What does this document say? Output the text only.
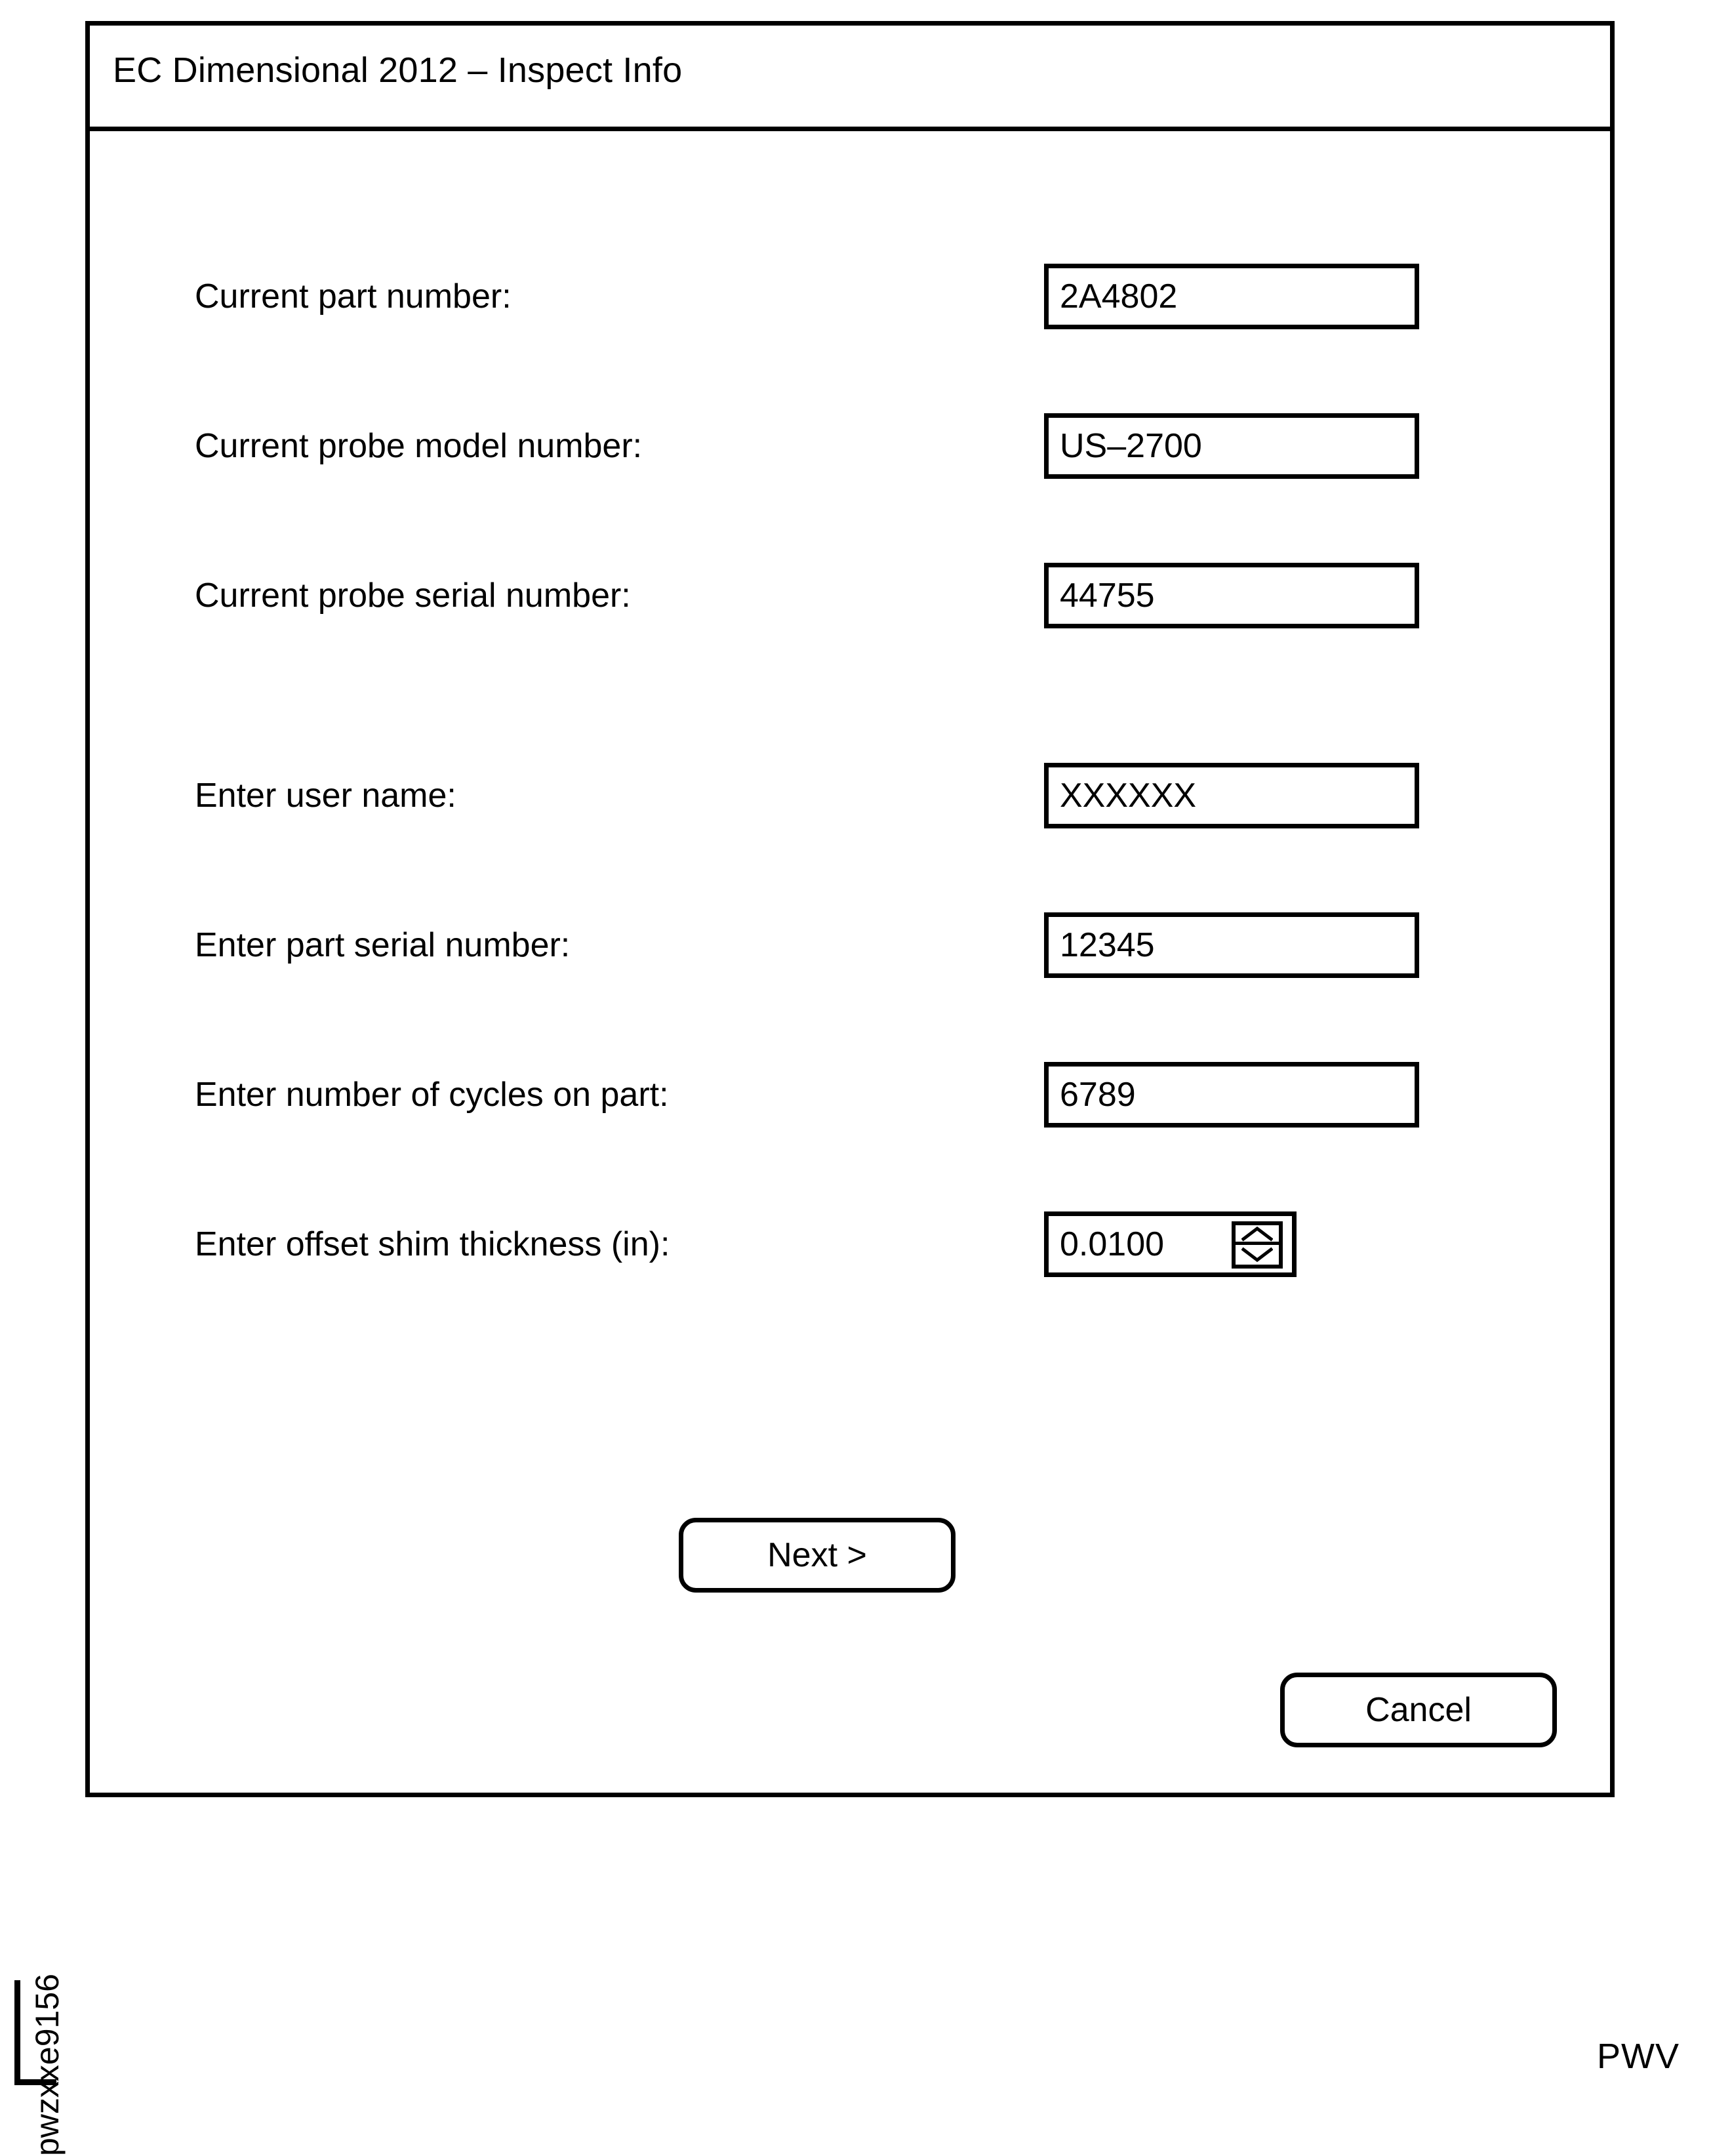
EC Dimensional 2012 – Inspect Info
Current part number:	2A4802
Current probe model number:	US–2700
Current probe serial number:	44755
Enter user name:	XXXXXX
Enter part serial number:	12345
Enter number of cycles on part:	6789
Enter offset shim thickness (in):	0.0100
Next >
Cancel
pwzxxe9156	PWV
